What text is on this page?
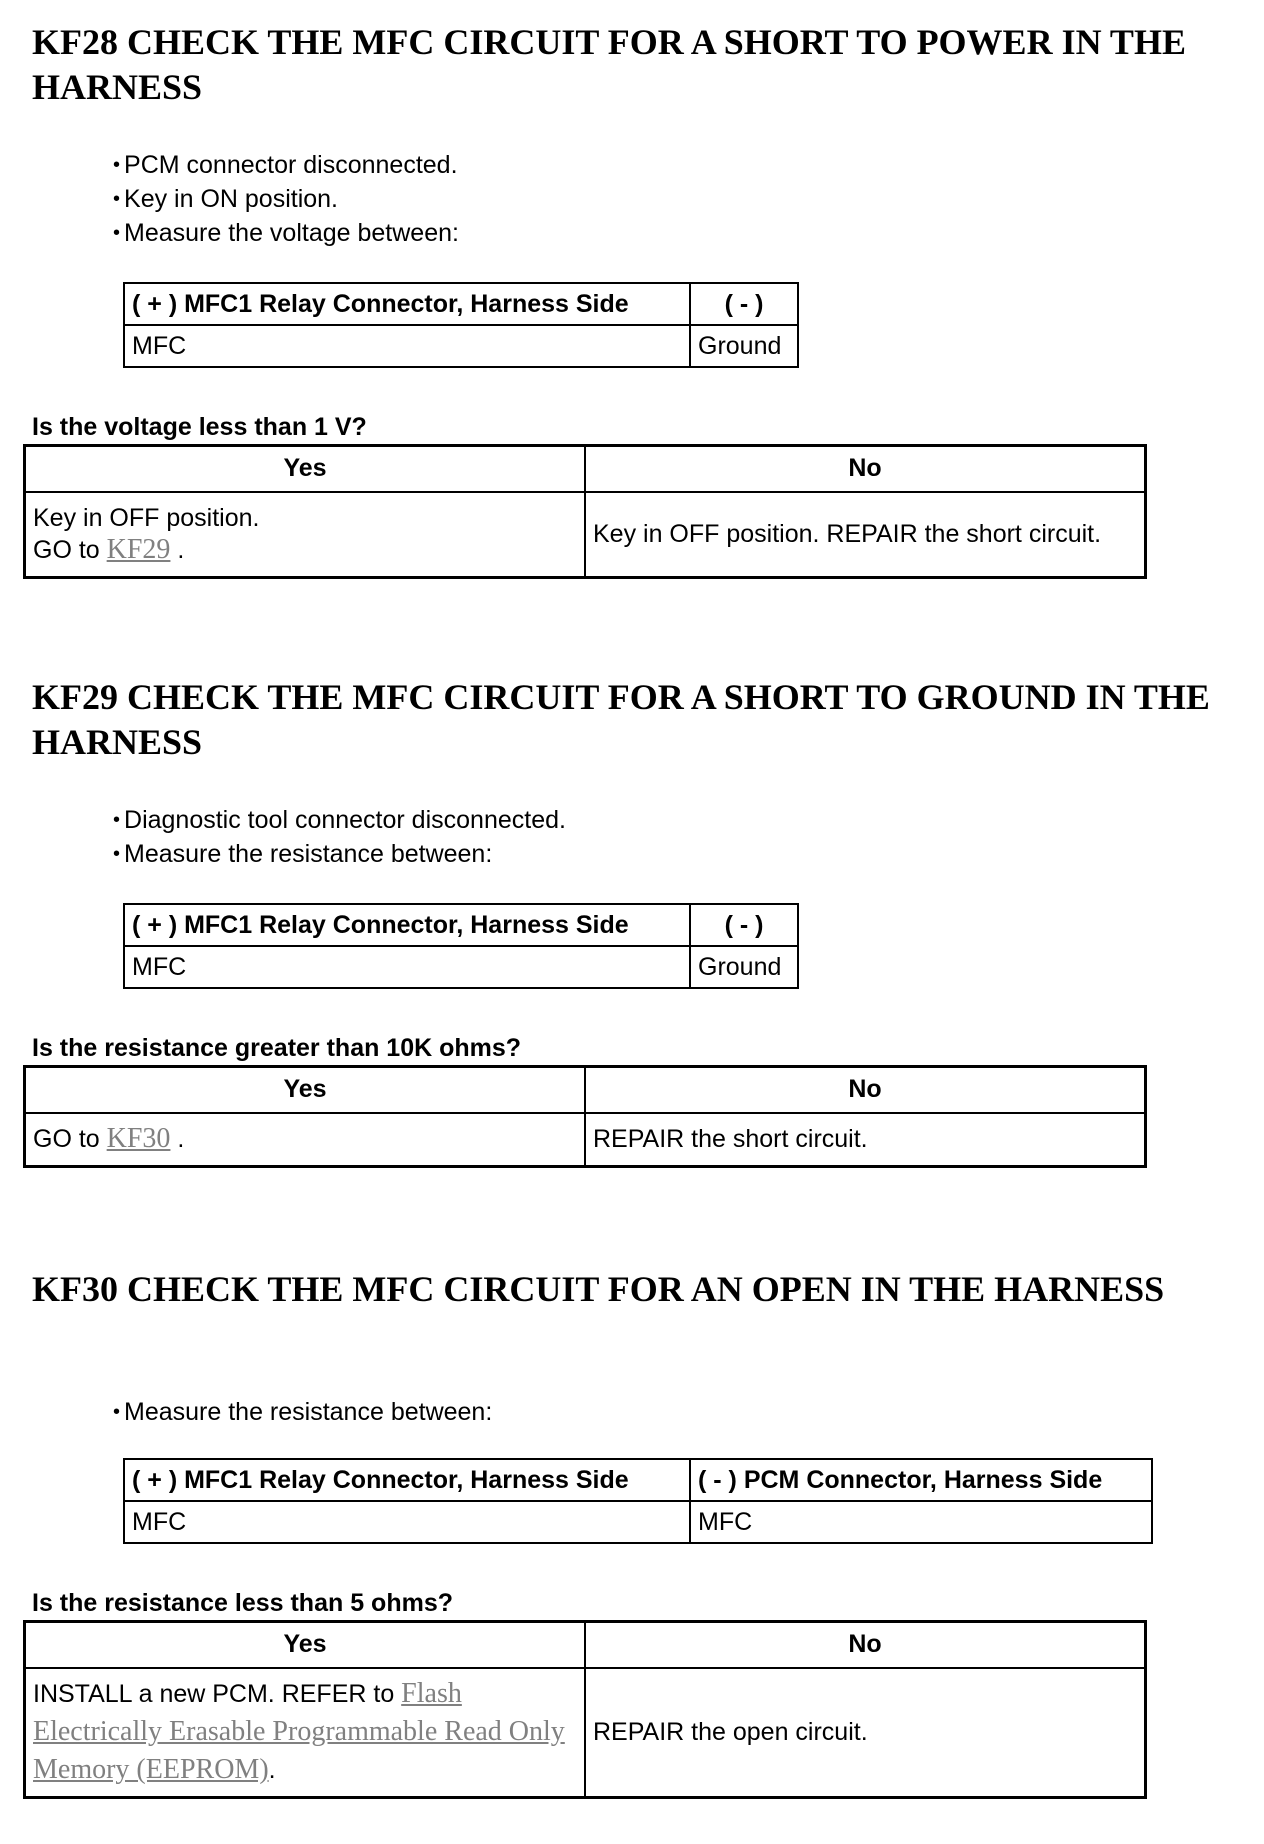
KF28 CHECK THE MFC CIRCUIT FOR A SHORT TO POWER IN THE HARNESS
• PCM connector disconnected.
• Key in ON position.
• Measure the voltage between:
( + ) MFC1 Relay Connector, Harness Side	( - )
MFC	Ground

Is the voltage less than 1 V?

Yes	No
Key in OFF position.
GO to KF29 .	Key in OFF position. REPAIR the short circuit.
KF29 CHECK THE MFC CIRCUIT FOR A SHORT TO GROUND IN THE HARNESS
• Diagnostic tool connector disconnected.
• Measure the resistance between:
( + ) MFC1 Relay Connector, Harness Side	( - )
MFC	Ground

Is the resistance greater than 10K ohms?

Yes	No
GO to KF30 .	REPAIR the short circuit.
KF30 CHECK THE MFC CIRCUIT FOR AN OPEN IN THE HARNESS
• Measure the resistance between:
( + ) MFC1 Relay Connector, Harness Side	( - ) PCM Connector, Harness Side
MFC	MFC

Is the resistance less than 5 ohms?

Yes	No
INSTALL a new PCM. REFER to Flash Electrically Erasable Programmable Read Only Memory (EEPROM).	REPAIR the open circuit.
